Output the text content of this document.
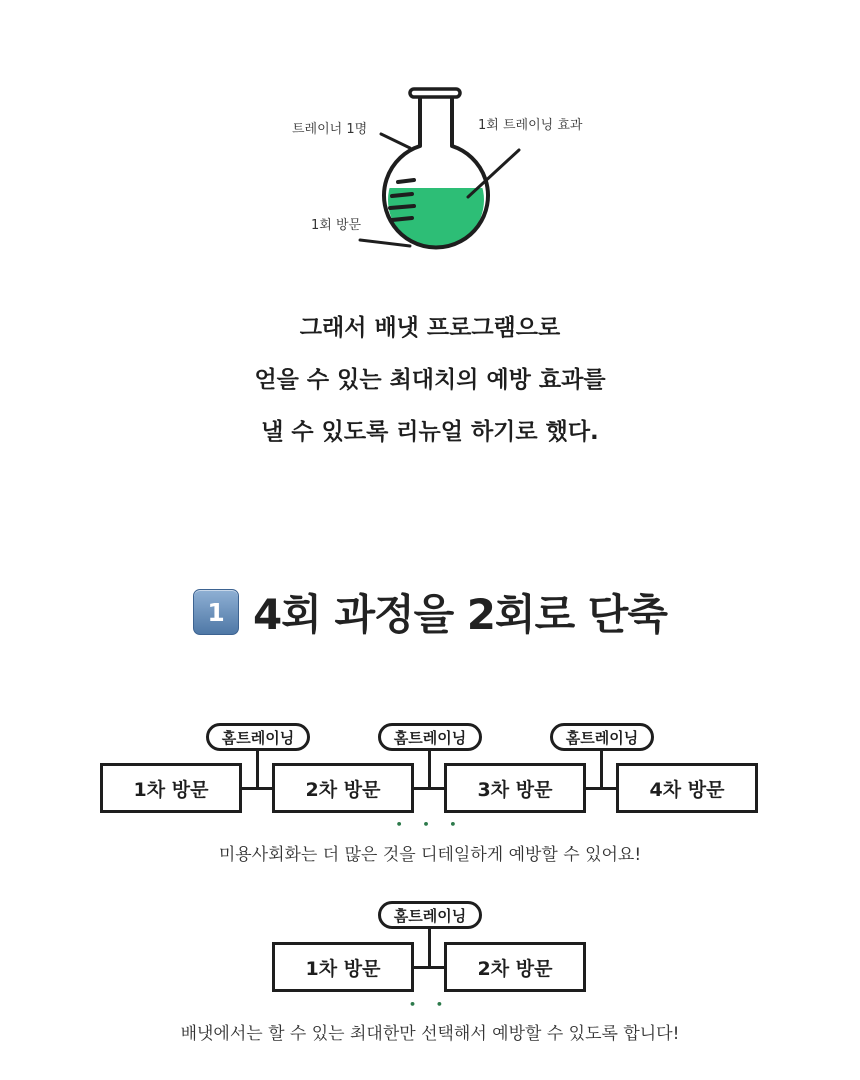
트레이너 1명	1회 트레이닝 효과
1회 방문
그래서 배냇 프로그램으로
얻을 수 있는 최대치의 예방 효과를
낼 수 있도록 리뉴얼 하기로 했다.
1 4회 과정을 2회로 단축
홈트레이닝	홈트레이닝	홈트레이닝
1차 방문	2차 방문	3차 방문	4차 방문
• • •
미용사회화는 더 많은 것을 디테일하게 예방할 수 있어요!
홈트레이닝
1차 방문	2차 방문
• •
배냇에서는 할 수 있는 최대한만 선택해서 예방할 수 있도록 합니다!
